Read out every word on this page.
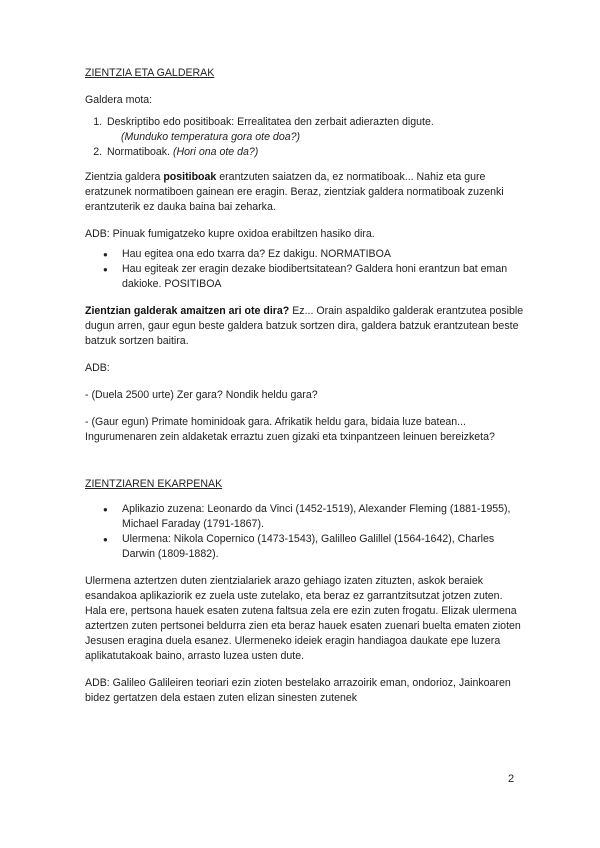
ZIENTZIA ETA GALDERAK

Galdera mota:

1. Deskriptibo edo positiboak: Errealitatea den zerbait adierazten digute.
(Munduko temperatura gora ote doa?)
2. Normatiboak. (Hori ona ote da?)

Zientzia galdera positiboak erantzuten saiatzen da, ez normatiboak... Nahiz eta gure eratzunek normatiboen gainean ere eragin. Beraz, zientziak galdera normatiboak zuzenki erantzuterik ez dauka baina bai zeharka.

ADB: Pinuak fumigatzeko kupre oxidoa erabiltzen hasiko dira.

● Hau egitea ona edo txarra da? Ez dakigu. NORMATIBOA
● Hau egiteak zer eragin dezake biodibertsitatean? Galdera honi erantzun bat eman dakioke. POSITIBOA

Zientzian galderak amaitzen ari ote dira? Ez... Orain aspaldiko galderak erantzutea posible dugun arren, gaur egun beste galdera batzuk sortzen dira, galdera batzuk erantzutean beste batzuk sortzen baitira.

ADB:

- (Duela 2500 urte) Zer gara? Nondik heldu gara?

- (Gaur egun) Primate hominidoak gara. Afrikatik heldu gara, bidaia luze batean... Ingurumenaren zein aldaketak erraztu zuen gizaki eta txinpantzeen leinuen bereizketa?

ZIENTZIAREN EKARPENAK

● Aplikazio zuzena: Leonardo da Vinci (1452-1519), Alexander Fleming (1881-1955), Michael Faraday (1791-1867).
● Ulermena: Nikola Copernico (1473-1543), Galilleo Galillel (1564-1642), Charles Darwin (1809-1882).

Ulermena aztertzen duten zientzialariek arazo gehiago izaten zituzten, askok beraiek esandakoa aplikaziorik ez zuela uste zutelako, eta beraz ez garrantzitsutzat jotzen zuten. Hala ere, pertsona hauek esaten zutena faltsua zela ere ezin zuten frogatu. Elizak ulermena aztertzen zuten pertsonei beldurra zien eta beraz hauek esaten zuenari buelta ematen zioten Jesusen eragina duela esanez. Ulermeneko ideiek eragin handiagoa daukate epe luzera aplikatutakoak baino, arrasto luzea usten dute.

ADB: Galileo Galileiren teoriari ezin zioten bestelako arrazoirik eman, ondorioz, Jainkoaren bidez gertatzen dela estaen zuten elizan sinesten zutenek

2
